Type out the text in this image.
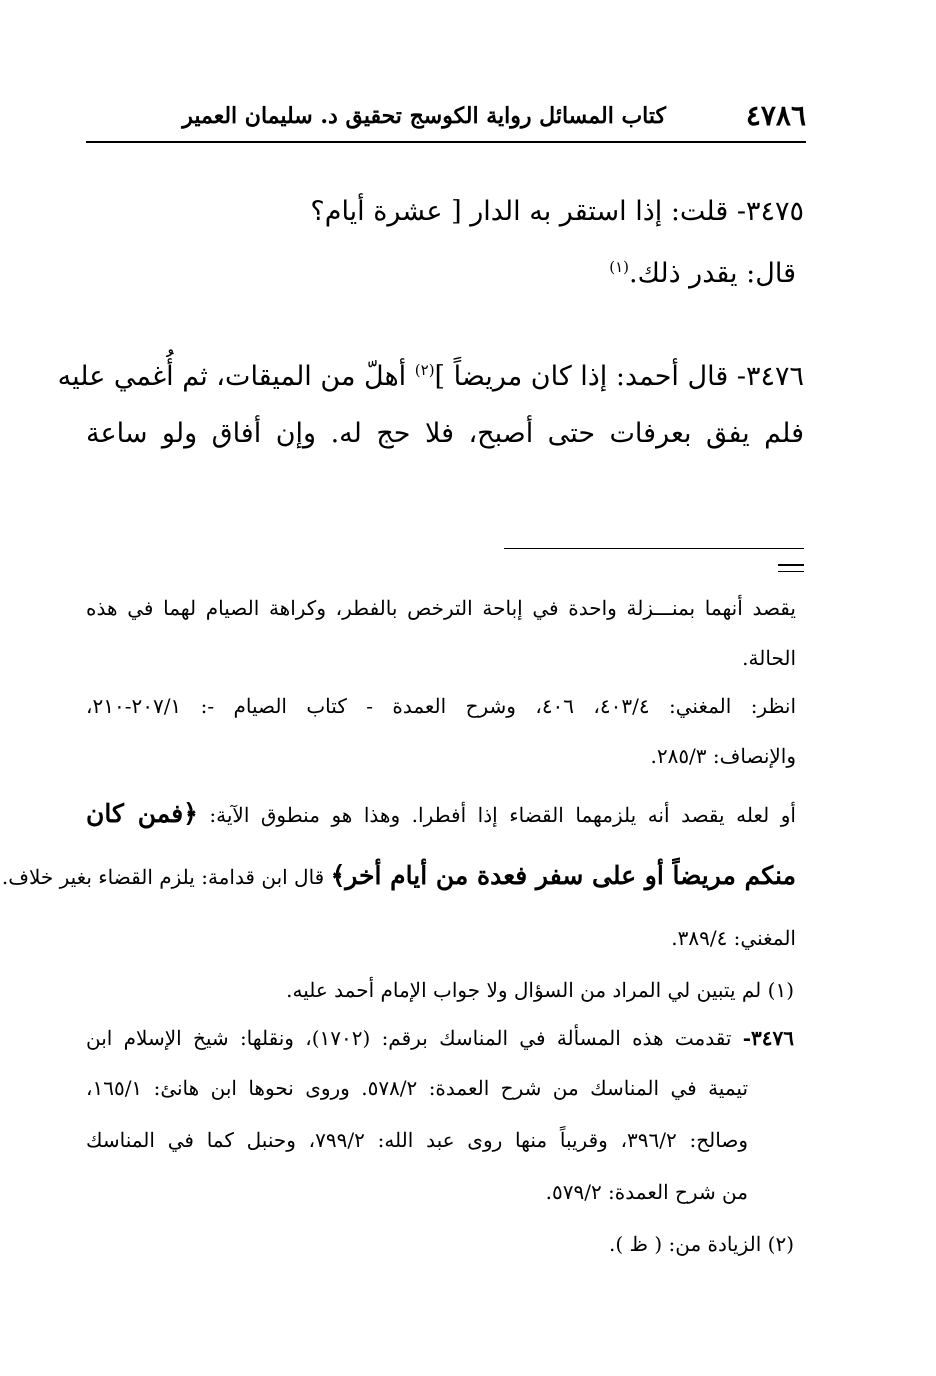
٤٧٨٦
كتاب المسائل رواية الكوسج تحقيق د. سليمان العمير
٣٤٧٥- قلت: إذا استقر به الدار [ عشرة أيام؟
قال: يقدر ذلك.$^{(١)}$
٣٤٧٦- قال أحمد: إذا كان مريضاً ]$^{(٢)}$ أهلّ من الميقات، ثم أُغمي عليه
فلم يفق بعرفات حتى أصبح، فلا حج له. وإن أفاق ولو ساعة
يقصد أنهما بمنـــزلة واحدة في إباحة الترخص بالفطر، وكراهة الصيام لهما في هذه
الحالة.
انظر: المغني: ٤٠٣/٤، ٤٠٦، وشرح العمدة - كتاب الصيام -: ٢٠٧/١-٢١٠،
والإنصاف: ٢٨٥/٣.
أو لعله يقصد أنه يلزمهما القضاء إذا أفطرا. وهذا هو منطوق الآية: ﴿فمن كان
منكم مريضاً أو على سفر فعدة من أيام أخر﴾ قال ابن قدامة: يلزم القضاء بغير خلاف.
المغني: ٣٨٩/٤.
(١) لم يتبين لي المراد من السؤال ولا جواب الإمام أحمد عليه.
٣٤٧٦- تقدمت هذه المسألة في المناسك برقم: (١٧٠٢)، ونقلها: شيخ الإسلام ابن
تيمية في المناسك من شرح العمدة: ٥٧٨/٢. وروى نحوها ابن هانئ: ١٦٥/١،
وصالح: ٣٩٦/٢، وقريباً منها روى عبد الله: ٧٩٩/٢، وحنبل كما في المناسك
من شرح العمدة: ٥٧٩/٢.
(٢) الزيادة من: ( ظ ).
